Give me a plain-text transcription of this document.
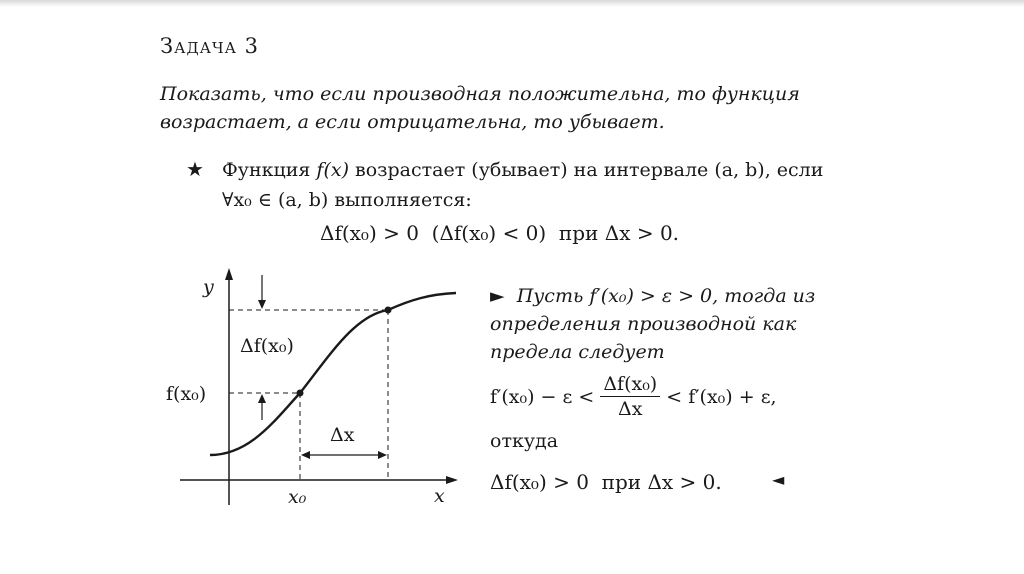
Задача 3
Показать, что если производная положительна, то функция возрастает, а если отрицательна, то убывает.
★ Функция f(x) возрастает (убывает) на интервале (a, b), если ∀x₀ ∈ (a, b) выполняется:
Δf(x₀) > 0  (Δf(x₀) < 0)  при Δx > 0.
y
x
x₀
f(x₀)
Δf(x₀)
Δx
► Пусть f′(x₀) > ε > 0, тогда из определения производной как предела следует
$f'(x_0) - \varepsilon < \frac{\text{Δf(x₀)}}{\Delta x} < f'(x_0) + \varepsilon$,
откуда
Δf(x₀) > 0  при Δx > 0.	◄
